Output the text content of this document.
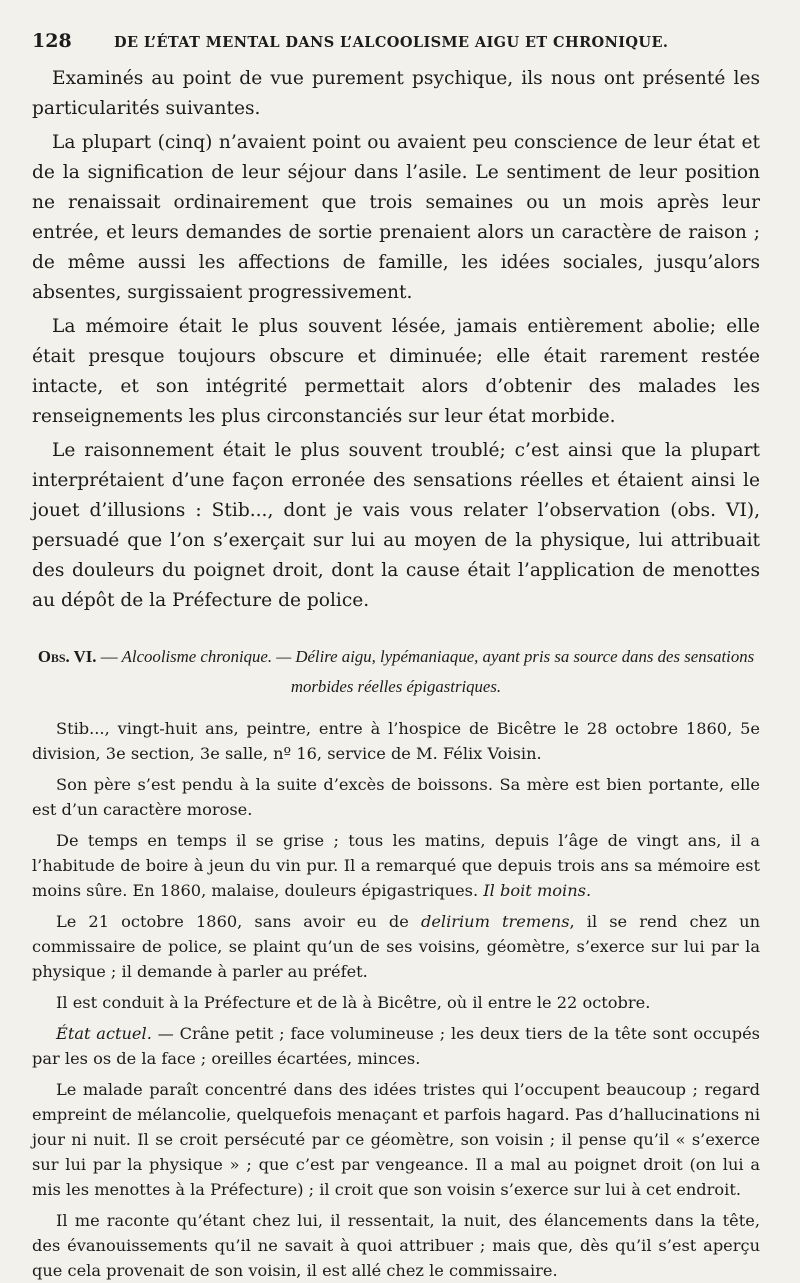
128	DE L’ÉTAT MENTAL DANS L’ALCOOLISME AIGU ET CHRONIQUE.

Examinés au point de vue purement psychique, ils nous ont présenté les particularités suivantes.

La plupart (cinq) n’avaient point ou avaient peu conscience de leur état et de la signification de leur séjour dans l’asile. Le sentiment de leur position ne renaissait ordinairement que trois semaines ou un mois après leur entrée, et leurs demandes de sortie prenaient alors un caractère de raison ; de même aussi les affections de famille, les idées sociales, jusqu’alors absentes, surgissaient progressivement.

La mémoire était le plus souvent lésée, jamais entièrement abolie; elle était presque toujours obscure et diminuée; elle était rarement restée intacte, et son intégrité permettait alors d’obtenir des malades les renseignements les plus circonstanciés sur leur état morbide.

Le raisonnement était le plus souvent troublé; c’est ainsi que la plupart interprétaient d’une façon erronée des sensations réelles et étaient ainsi le jouet d’illusions : Stib..., dont je vais vous relater l’observation (obs. VI), persuadé que l’on s’exerçait sur lui au moyen de la physique, lui attribuait des douleurs du poignet droit, dont la cause était l’application de menottes au dépôt de la Préfecture de police.

Obs. VI. — Alcoolisme chronique. — Délire aigu, lypémaniaque, ayant pris sa source dans des sensations morbides réelles épigastriques.

Stib..., vingt-huit ans, peintre, entre à l’hospice de Bicêtre le 28 octobre 1860, 5e division, 3e section, 3e salle, nº 16, service de M. Félix Voisin.

Son père s’est pendu à la suite d’excès de boissons. Sa mère est bien portante, elle est d’un caractère morose.

De temps en temps il se grise ; tous les matins, depuis l’âge de vingt ans, il a l’habitude de boire à jeun du vin pur. Il a remarqué que depuis trois ans sa mémoire est moins sûre. En 1860, malaise, douleurs épigastriques. Il boit moins.

Le 21 octobre 1860, sans avoir eu de delirium tremens, il se rend chez un commissaire de police, se plaint qu’un de ses voisins, géomètre, s’exerce sur lui par la physique ; il demande à parler au préfet.

Il est conduit à la Préfecture et de là à Bicêtre, où il entre le 22 octobre.

État actuel. — Crâne petit ; face volumineuse ; les deux tiers de la tête sont occupés par les os de la face ; oreilles écartées, minces.

Le malade paraît concentré dans des idées tristes qui l’occupent beaucoup ; regard empreint de mélancolie, quelquefois menaçant et parfois hagard. Pas d’hallucinations ni jour ni nuit. Il se croit persécuté par ce géomètre, son voisin ; il pense qu’il « s’exerce sur lui par la physique » ; que c’est par vengeance. Il a mal au poignet droit (on lui a mis les menottes à la Préfecture) ; il croit que son voisin s’exerce sur lui à cet endroit.

Il me raconte qu’étant chez lui, il ressentait, la nuit, des élancements dans la tête, des évanouissements qu’il ne savait à quoi attribuer ; mais que, dès qu’il s’est aperçu que cela provenait de son voisin, il est allé chez le commissaire.
